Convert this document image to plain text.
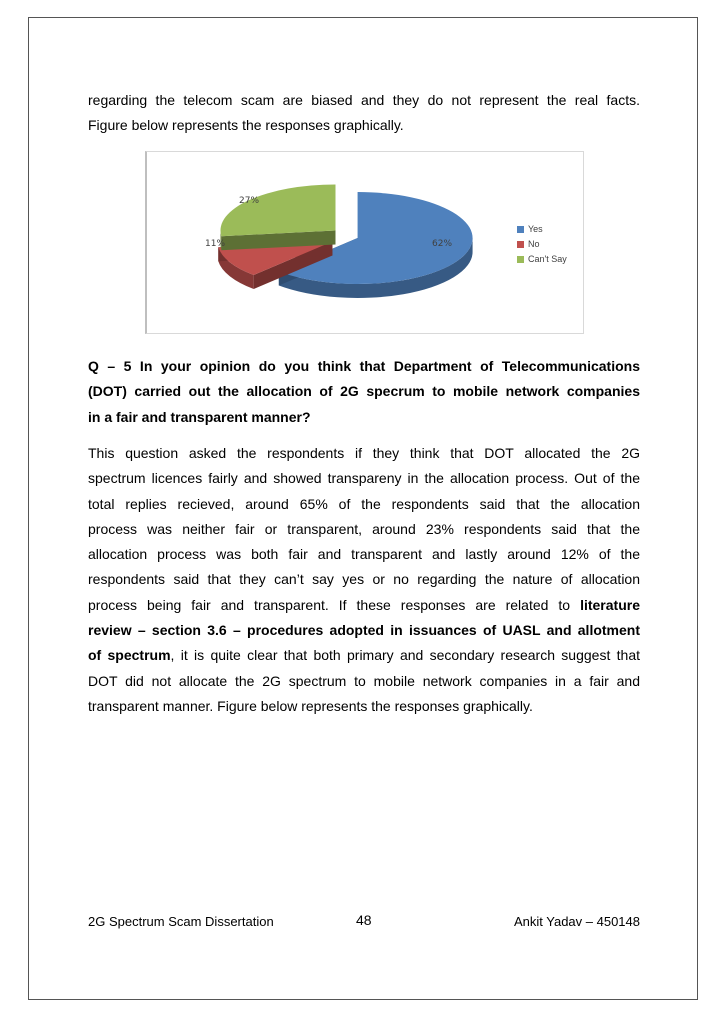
regarding the telecom scam are biased and they do not represent the real facts.
Figure below represents the responses graphically.
62%
11%
27%
Yes
No
Can't Say
Q – 5 In your opinion do you think that Department of Telecommunications
(DOT) carried out the allocation of 2G specrum to mobile network companies
in a fair and transparent manner?
This question asked the respondents if they think that DOT allocated the 2G
spectrum licences fairly and showed transpareny in the allocation process. Out of the
total replies recieved, around 65% of the respondents said that the allocation
process was neither fair or transparent, around 23% respondents said that the
allocation process was both fair and transparent and lastly around 12% of the
respondents said that they can’t say yes or no regarding the nature of allocation
process being fair and transparent. If these responses are related to literature
review – section 3.6 – procedures adopted in issuances of UASL and allotment
of spectrum, it is quite clear that both primary and secondary research suggest that
DOT did not allocate the 2G spectrum to mobile network companies in a fair and
transparent manner. Figure below represents the responses graphically.
2G Spectrum Scam Dissertation	48	Ankit Yadav – 450148
